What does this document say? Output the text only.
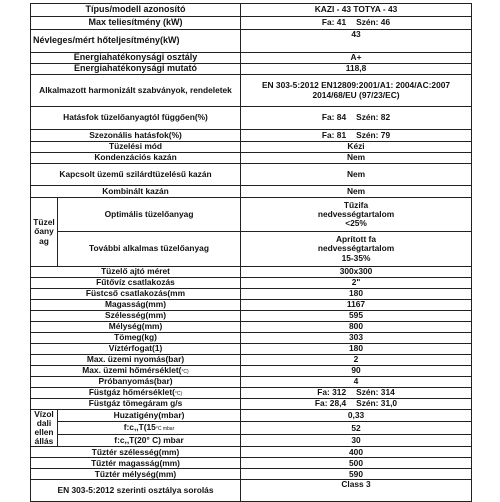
Típus/modell azonosító		KAZI - 43 TOTYA - 43
Max teliesítmény (kW)		Fa: 41 Szén: 46
Névleges/mért hőteljesítmény(kW)		43
Energiahatékonysági osztály		A+
Energiahatékonysági mutató		118,8
Alkalmazott harmonizált szabványok, rendeletek		EN 303-5:2012 EN12809:2001/A1: 2004/AC:2007 2014/68/EU (97/23/EC)
Hatásfok tüzelőanyagtól függően(%)		Fa: 84 Szén: 82
Szezonális hatásfok(%)		Fa: 81 Szén: 79
Tüzelési mód		Kézi
Kondenzációs kazán		Nem
Kapcsolt üzemű szilárdtüzelésű kazán		Nem
Kombinált kazán		Nem
Tüzel őany ag	Optimális tüzelőanyag	Tűzifa
nedvességtartalom
<25%

	További alkalmas tüzelőanyag	Aprított fa
nedvességtartalom
15-35%

Tüzelő ajtó méret		300x300
Fűtővíz csatlakozás		2"
Füstcső csatlakozás(mm		180
Magasság(mm)		1167
Szélesség(mm)		595
Mélység(mm)		800
Tömeg(kg)		303
Víztérfogat(1)		180
Max. üzemi nyomás(bar)		2
Max. üzemi hőmérséklet(°C)		90
Próbanyomás(bar)		4
Füstgáz hőmérséklet(°C)		Fa: 312 Szén: 314
Füstgáz tömegáram g/s		Fa: 28,4 Szén: 31,0
Vízol dali ellen állás	Huzatigény(mbar)	0,33
	f:c,,T(15°C mbar	52
	f:c,,T(20° C) mbar	30
Tűztér szélesség(mm)		400
Tűztér magasság(mm)		500
Tűztér mélység(mm)		590
EN 303-5:2012 szerinti osztálya sorolás		Class 3
